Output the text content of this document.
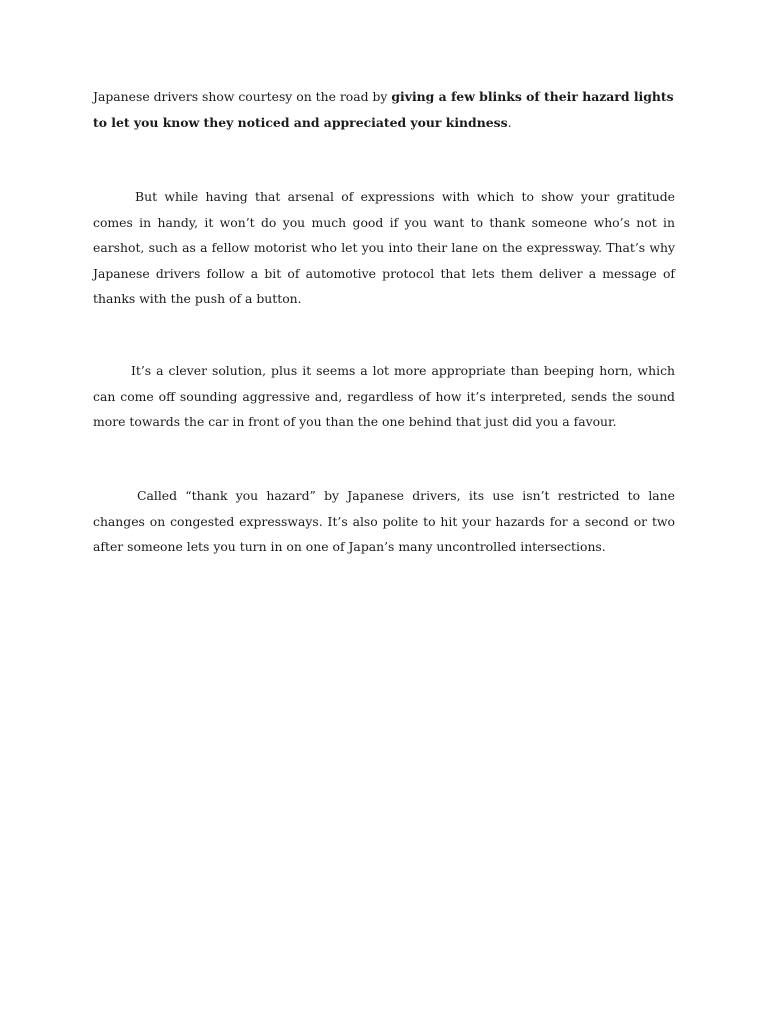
Japanese drivers show courtesy on the road by giving a few blinks of their hazard lights to let you know they noticed and appreciated your kindness.

But while having that arsenal of expressions with which to show your gratitude comes in handy, it won’t do you much good if you want to thank someone who’s not in earshot, such as a fellow motorist who let you into their lane on the expressway. That’s why Japanese drivers follow a bit of automotive protocol that lets them deliver a message of thanks with the push of a button.

It’s a clever solution, plus it seems a lot more appropriate than beeping horn, which can come off sounding aggressive and, regardless of how it’s interpreted, sends the sound more towards the car in front of you than the one behind that just did you a favour.

Called “thank you hazard” by Japanese drivers, its use isn’t restricted to lane changes on congested expressways. It’s also polite to hit your hazards for a second or two after someone lets you turn in on one of Japan’s many uncontrolled intersections.
